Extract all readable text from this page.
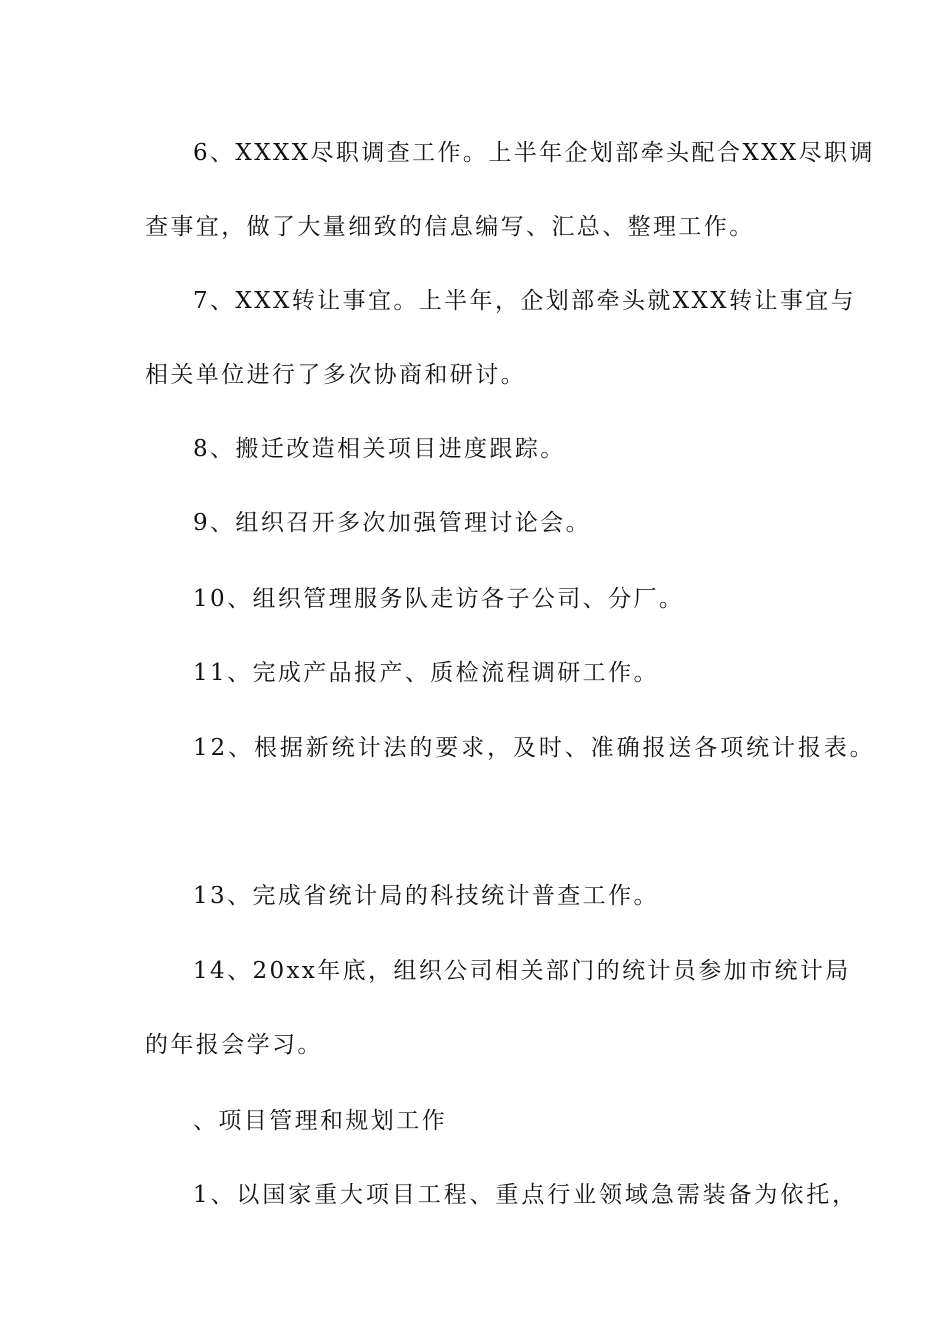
6、XXXX尽职调查工作。上半年企划部牵头配合XXX尽职调

查事宜，做了大量细致的信息编写、汇总、整理工作。

7、XXX转让事宜。上半年，企划部牵头就XXX转让事宜与

相关单位进行了多次协商和研讨。

8、搬迁改造相关项目进度跟踪。

9、组织召开多次加强管理讨论会。

10、组织管理服务队走访各子公司、分厂。

11、完成产品报产、质检流程调研工作。

12、根据新统计法的要求，及时、准确报送各项统计报表。

13、完成省统计局的科技统计普查工作。

14、20xx年底，组织公司相关部门的统计员参加市统计局

的年报会学习。

、项目管理和规划工作

1、以国家重大项目工程、重点行业领域急需装备为依托，
